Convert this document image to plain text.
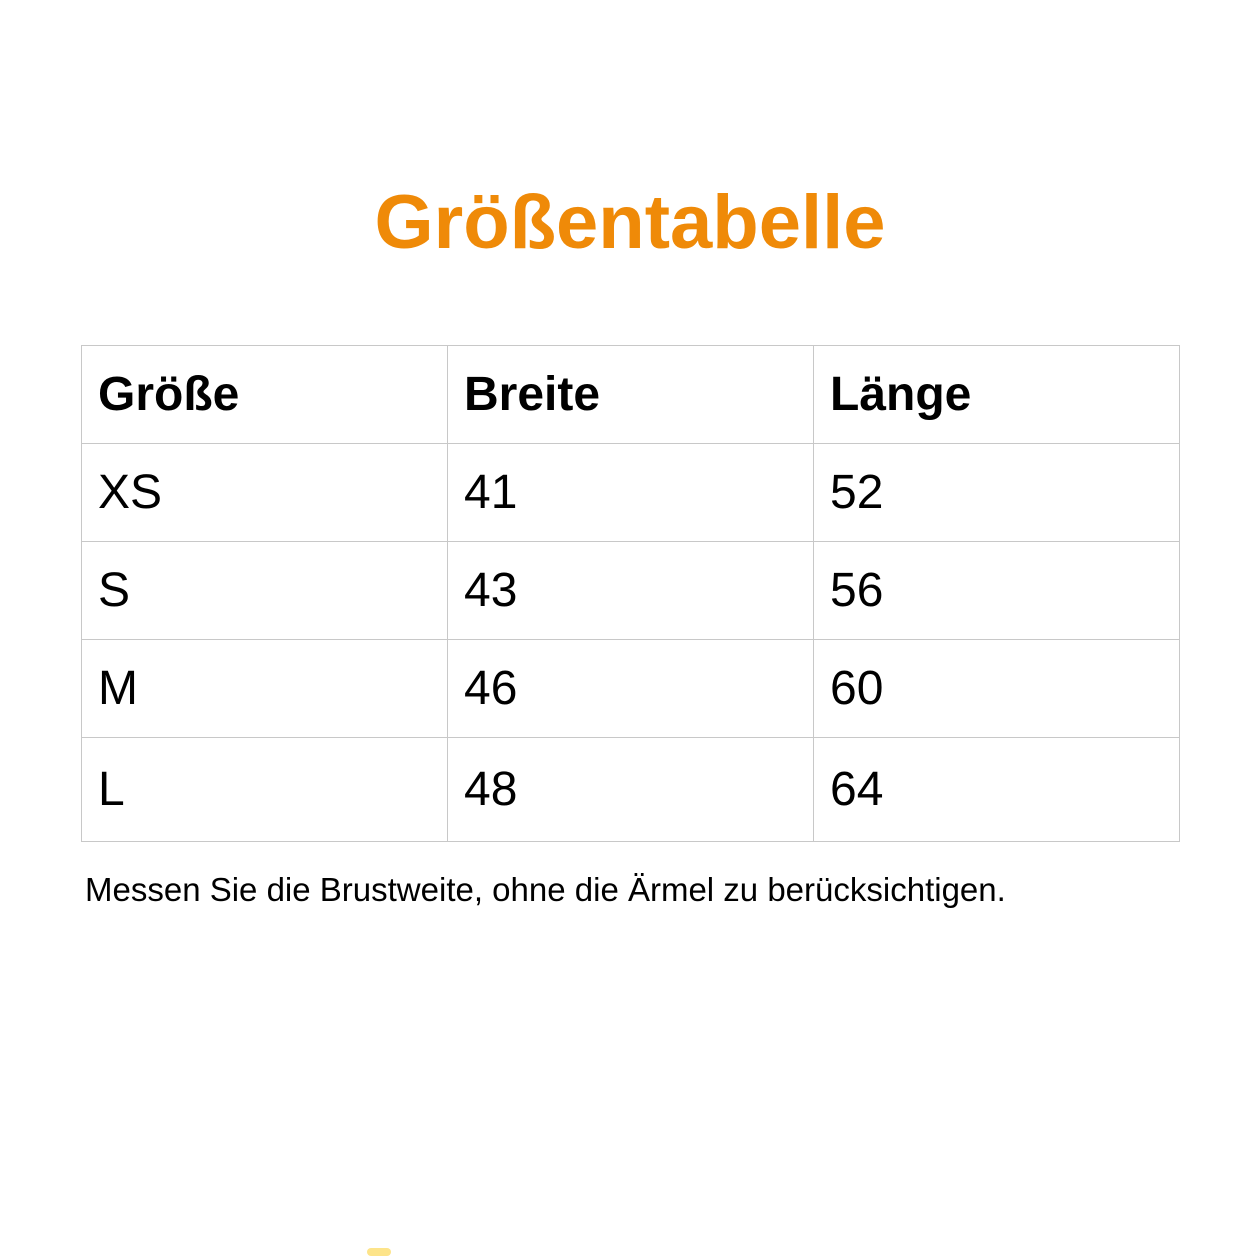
Größentabelle
Größe	Breite	Länge
XS	41	52
S	43	56
M	46	60
L	48	64

Messen Sie die Brustweite, ohne die Ärmel zu berücksichtigen.
